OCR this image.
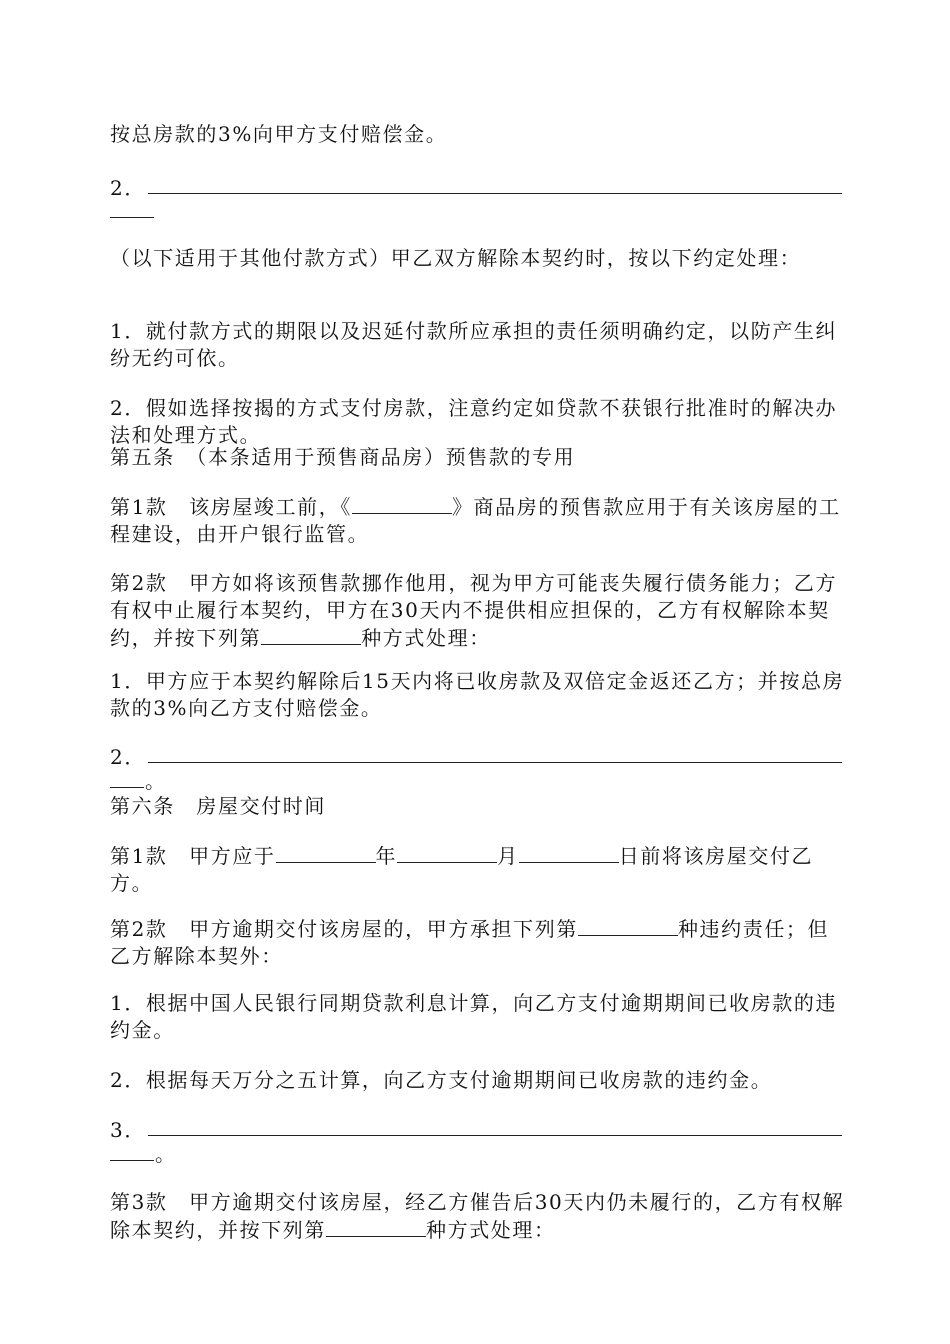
按总房款的3%向甲方支付赔偿金。

2．

（以下适用于其他付款方式）甲乙双方解除本契约时，按以下约定处理：

1．就付款方式的期限以及迟延付款所应承担的责任须明确约定，以防产生纠纷无约可依。

2．假如选择按揭的方式支付房款，注意约定如贷款不获银行批准时的解决办法和处理方式。

第五条　（本条适用于预售商品房）预售款的专用

第1款　该房屋竣工前，《	》商品房的预售款应用于有关该房屋的工程建设，由开户银行监管。

第2款　甲方如将该预售款挪作他用，视为甲方可能丧失履行债务能力；乙方有权中止履行本契约，甲方在30天内不提供相应担保的，乙方有权解除本契约，并按下列第	种方式处理：

1．甲方应于本契约解除后15天内将已收房款及双倍定金返还乙方；并按总房款的3%向乙方支付赔偿金。

2．

。

第六条　房屋交付时间

第1款　甲方应于	年	月	日前将该房屋交付乙方。

第2款　甲方逾期交付该房屋的，甲方承担下列第	种违约责任；但乙方解除本契外：

1．根据中国人民银行同期贷款利息计算，向乙方支付逾期期间已收房款的违约金。

2．根据每天万分之五计算，向乙方支付逾期期间已收房款的违约金。

3．

。

第3款　甲方逾期交付该房屋，经乙方催告后30天内仍未履行的，乙方有权解除本契约，并按下列第	种方式处理：
